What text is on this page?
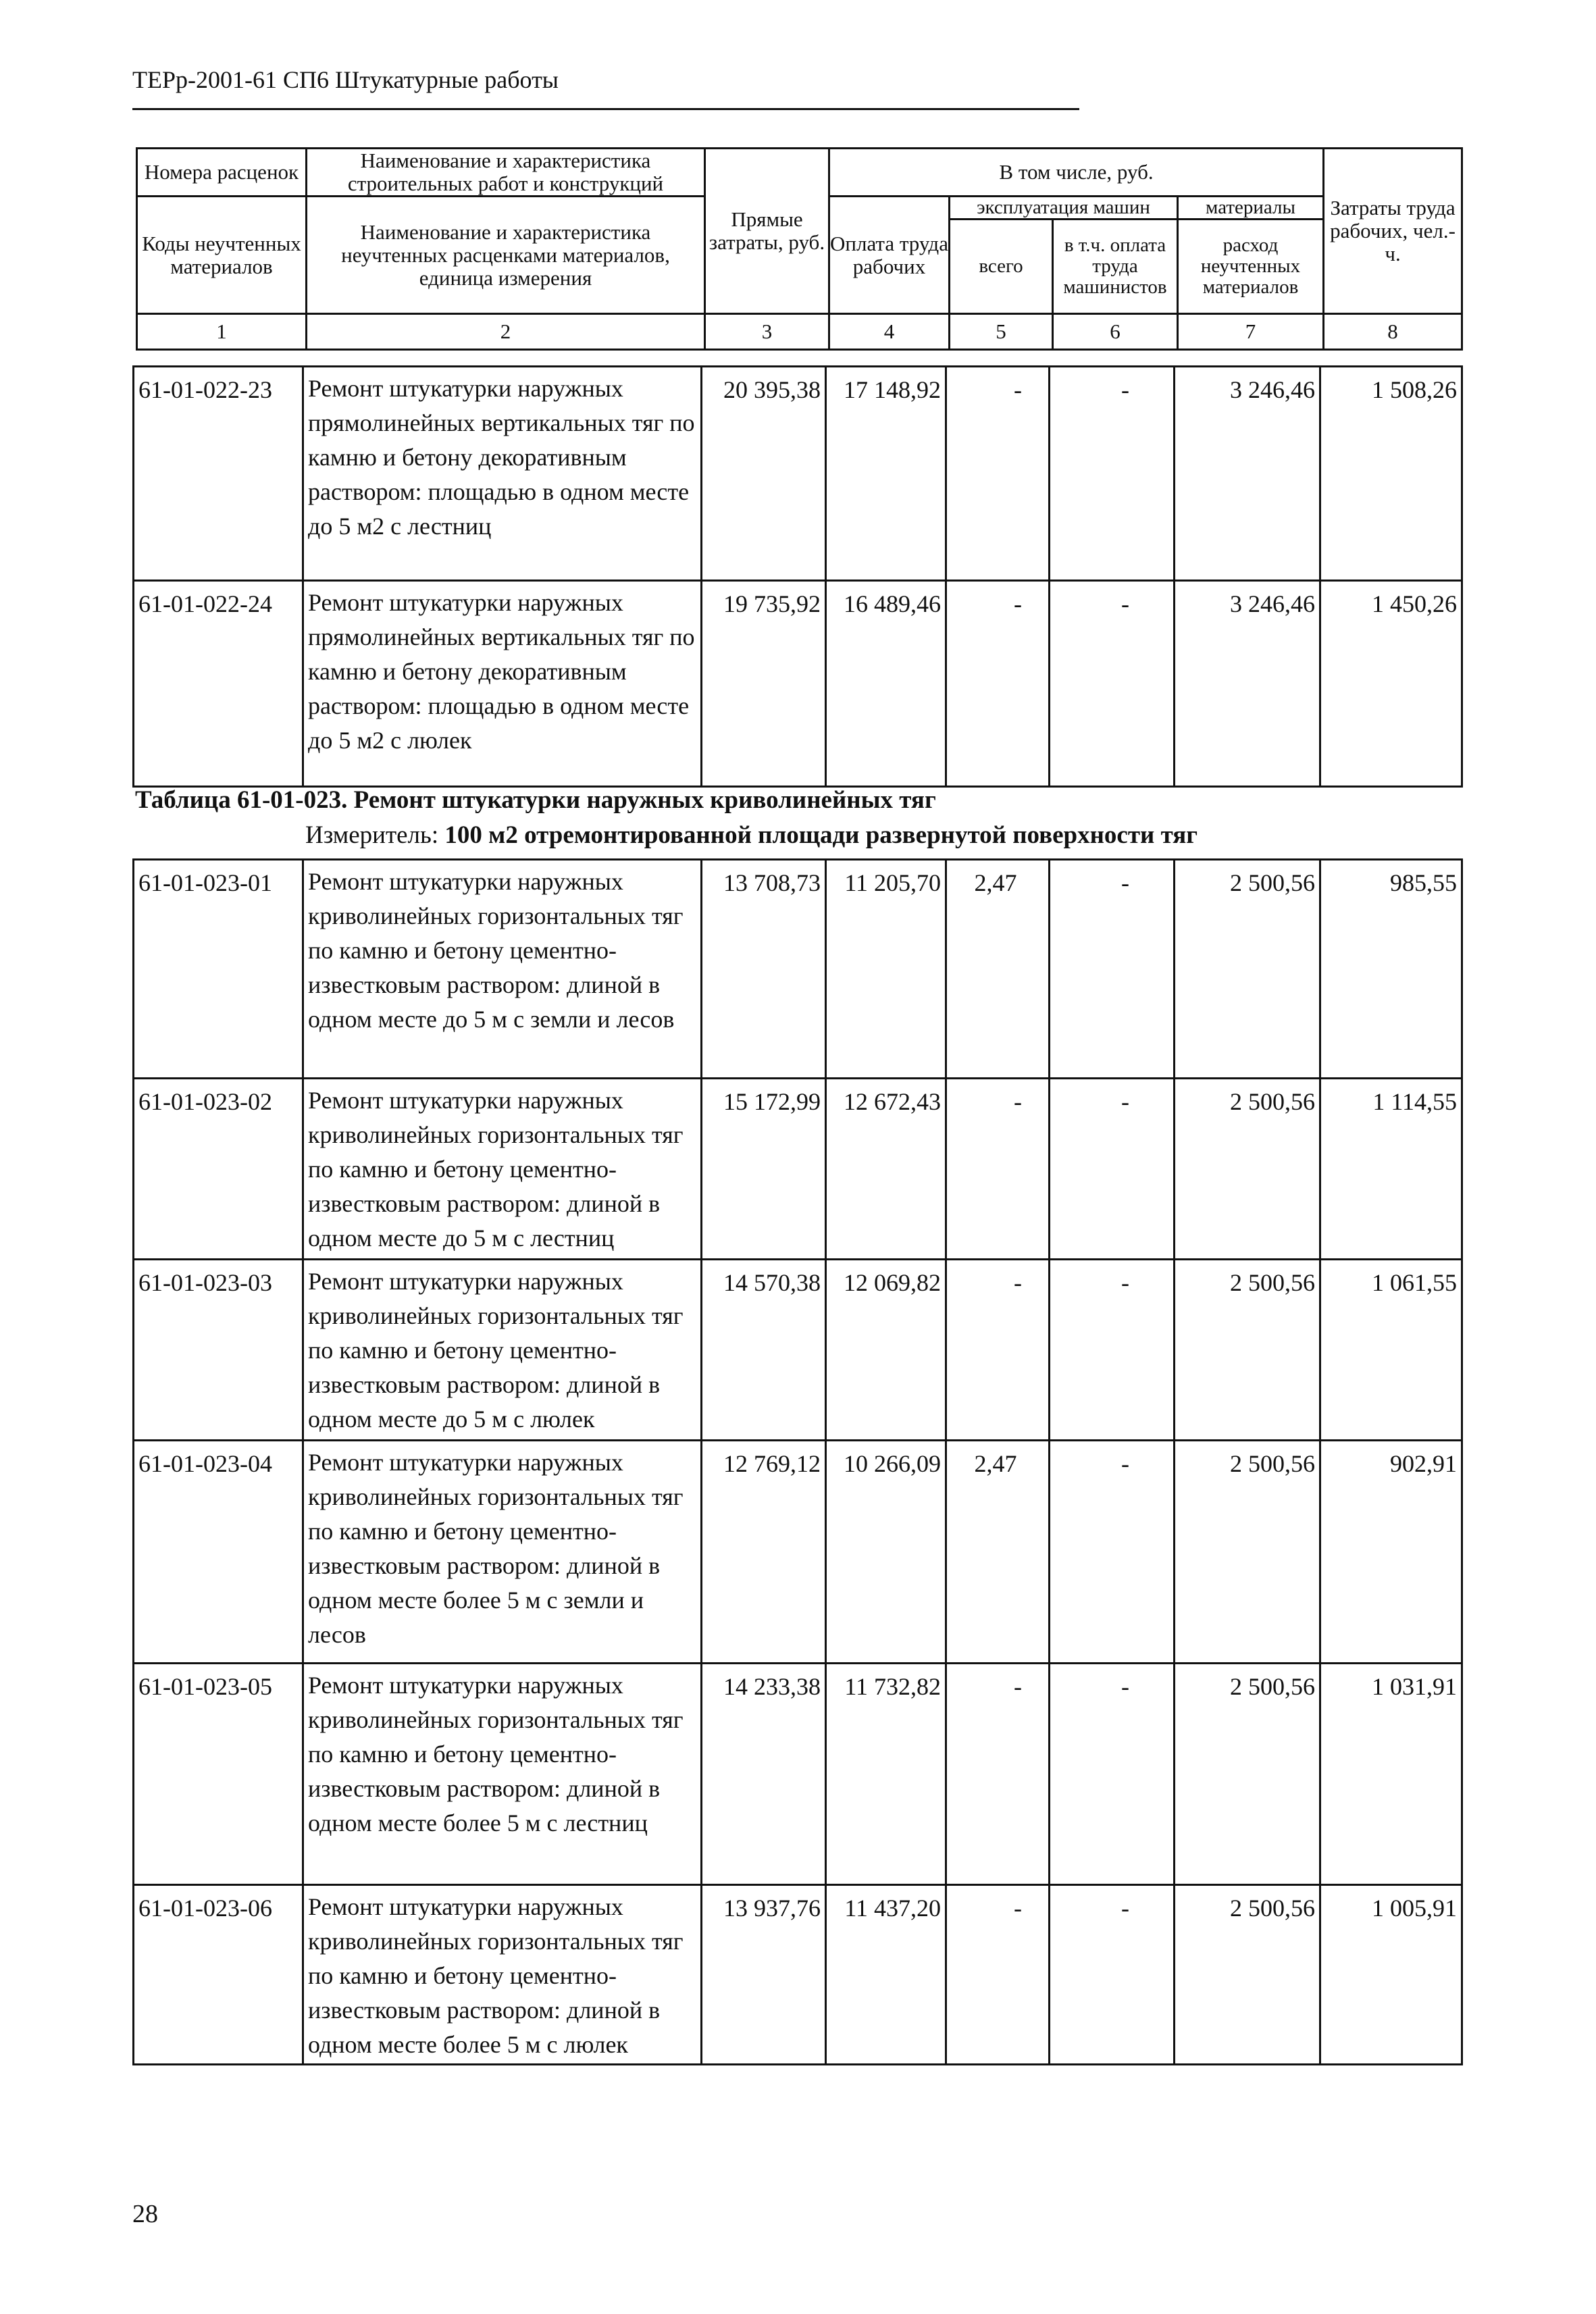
ТЕРр-2001-61 СП6 Штукатурные работы
Номера расценок	Наименование и характеристика строительных работ и конструкций	Прямые затраты, руб.	В том числе, руб.				Затраты труда рабочих, чел.-ч.
Коды неучтенных материалов	Наименование и характеристика неучтенных расценками материалов, единица измерения		Оплата труда рабочих	эксплуатация машин		материалы	
				всего	в т.ч. оплата труда машинистов	расход неучтенных материалов	

1	2	3	4	5	6	7	8
61-01-022-23	Ремонт штукатурки наружных прямолинейных вертикальных тяг по камню и бетону декоративным раствором: площадью в одном месте до 5 м2 с лестниц	20 395,38	17 148,92	-	-	3 246,46	1 508,26
61-01-022-24	Ремонт штукатурки наружных прямолинейных вертикальных тяг по камню и бетону декоративным раствором: площадью в одном месте до 5 м2 с люлек	19 735,92	16 489,46	-	-	3 246,46	1 450,26
Таблица 61-01-023. Ремонт штукатурки наружных криволинейных тяг
Измеритель: 100 м2 отремонтированной площади развернутой поверхности тяг
61-01-023-01	Ремонт штукатурки наружных криволинейных горизонтальных тяг по камню и бетону цементно-известковым раствором: длиной в одном месте до 5 м с земли и лесов	13 708,73	11 205,70	2,47	-	2 500,56	985,55
61-01-023-02	Ремонт штукатурки наружных криволинейных горизонтальных тяг по камню и бетону цементно-известковым раствором: длиной в одном месте до 5 м с лестниц	15 172,99	12 672,43	-	-	2 500,56	1 114,55
61-01-023-03	Ремонт штукатурки наружных криволинейных горизонтальных тяг по камню и бетону цементно-известковым раствором: длиной в одном месте до 5 м с люлек	14 570,38	12 069,82	-	-	2 500,56	1 061,55
61-01-023-04	Ремонт штукатурки наружных криволинейных горизонтальных тяг по камню и бетону цементно-известковым раствором: длиной в одном месте более 5 м с земли и лесов	12 769,12	10 266,09	2,47	-	2 500,56	902,91
61-01-023-05	Ремонт штукатурки наружных криволинейных горизонтальных тяг по камню и бетону цементно-известковым раствором: длиной в одном месте более 5 м с лестниц	14 233,38	11 732,82	-	-	2 500,56	1 031,91
61-01-023-06	Ремонт штукатурки наружных криволинейных горизонтальных тяг по камню и бетону цементно-известковым раствором: длиной в одном месте более 5 м с люлек	13 937,76	11 437,20	-	-	2 500,56	1 005,91
28
